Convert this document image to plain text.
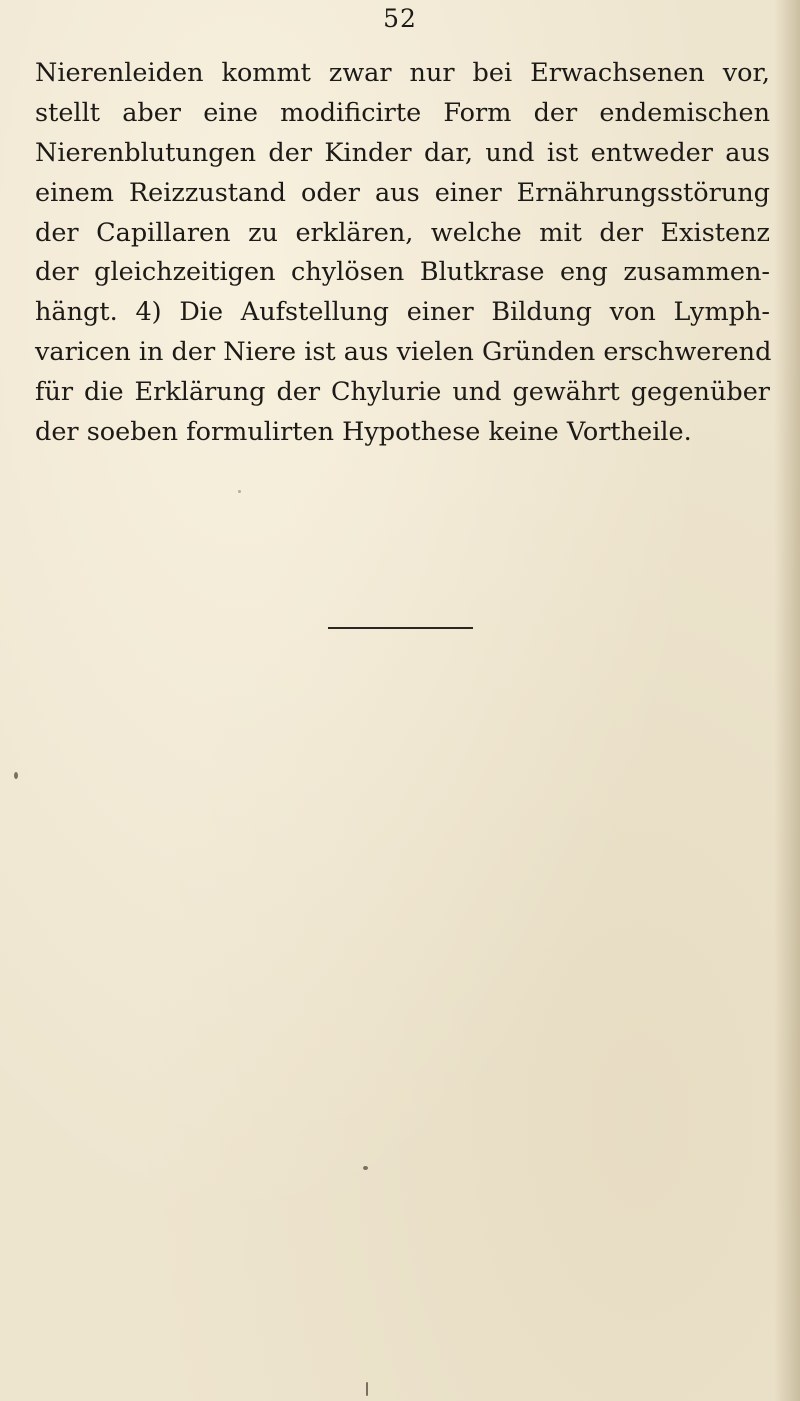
52
Nierenleiden kommt zwar nur bei Erwachsenen vor,
stellt aber eine modificirte Form der endemischen
Nierenblutungen der Kinder dar, und ist entweder aus
einem Reizzustand oder aus einer Ernährungsstörung
der Capillaren zu erklären, welche mit der Existenz
der gleichzeitigen chylösen Blutkrase eng zusammen-
hängt. 4) Die Aufstellung einer Bildung von Lymph-
varicen in der Niere ist aus vielen Gründen erschwerend
für die Erklärung der Chylurie und gewährt gegenüber
der soeben formulirten Hypothese keine Vortheile.
